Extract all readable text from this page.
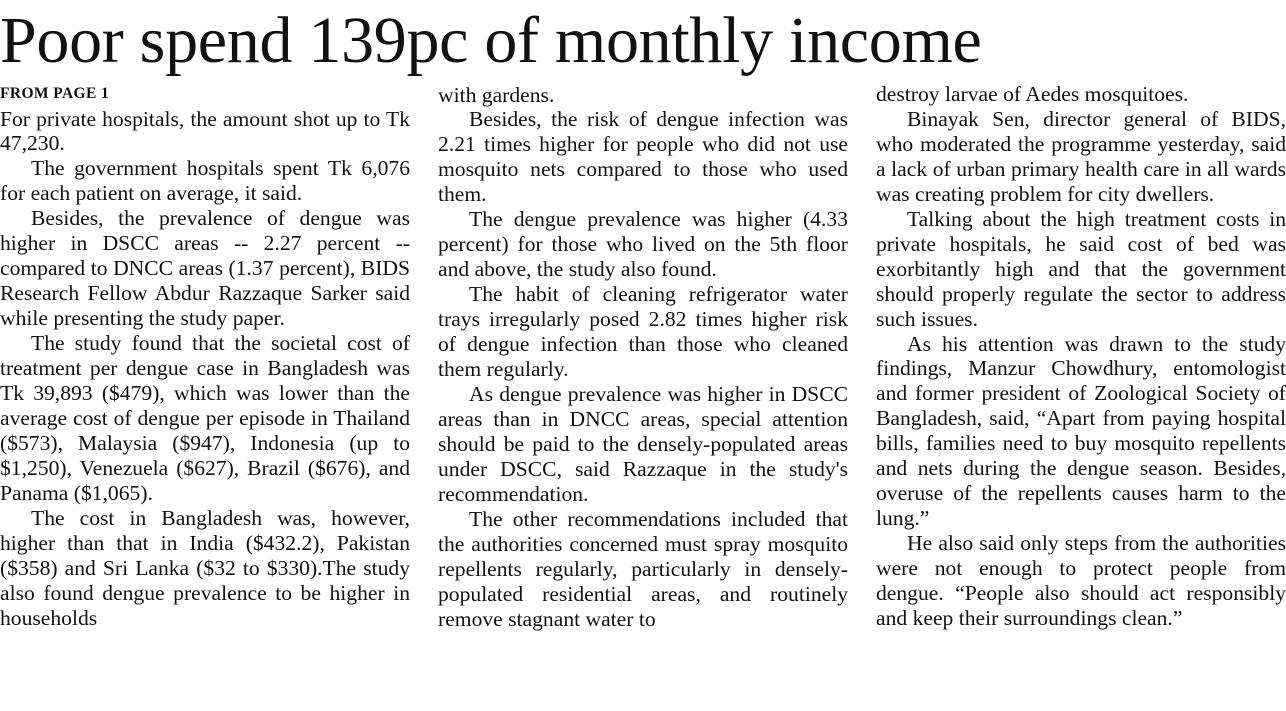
Poor spend 139pc of monthly income
FROM PAGE 1

For private hospitals, the amount shot up to Tk 47,230.

The government hospitals spent Tk 6,076 for each patient on average, it said.

Besides, the prevalence of dengue was higher in DSCC areas -- 2.27 percent -- compared to DNCC areas (1.37 percent), BIDS Research Fellow Abdur Razzaque Sarker said while presenting the study paper.

The study found that the societal cost of treatment per dengue case in Bangladesh was Tk 39,893 ($479), which was lower than the average cost of dengue per episode in Thailand ($573), Malaysia ($947), Indonesia (up to $1,250), Venezuela ($627), Brazil ($676), and Panama ($1,065).

The cost in Bangladesh was, however, higher than that in India ($432.2), Pakistan ($358) and Sri Lanka ($32 to $330).The study also found dengue prevalence to be higher in households

with gardens.

Besides, the risk of dengue infection was 2.21 times higher for people who did not use mosquito nets compared to those who used them.

The dengue prevalence was higher (4.33 percent) for those who lived on the 5th floor and above, the study also found.

The habit of cleaning refrigerator water trays irregularly posed 2.82 times higher risk of dengue infection than those who cleaned them regularly.

As dengue prevalence was higher in DSCC areas than in DNCC areas, special attention should be paid to the densely-populated areas under DSCC, said Razzaque in the study's recommendation.

The other recommendations included that the authorities concerned must spray mosquito repellents regularly, particularly in densely-populated residential areas, and routinely remove stagnant water to

destroy larvae of Aedes mosquitoes.

Binayak Sen, director general of BIDS, who moderated the programme yesterday, said a lack of urban primary health care in all wards was creating problem for city dwellers.

Talking about the high treatment costs in private hospitals, he said cost of bed was exorbitantly high and that the government should properly regulate the sector to address such issues.

As his attention was drawn to the study findings, Manzur Chowdhury, entomologist and former president of Zoological Society of Bangladesh, said, “Apart from paying hospital bills, families need to buy mosquito repellents and nets during the dengue season. Besides, overuse of the repellents causes harm to the lung.”

He also said only steps from the authorities were not enough to protect people from dengue. “People also should act responsibly and keep their surroundings clean.”
